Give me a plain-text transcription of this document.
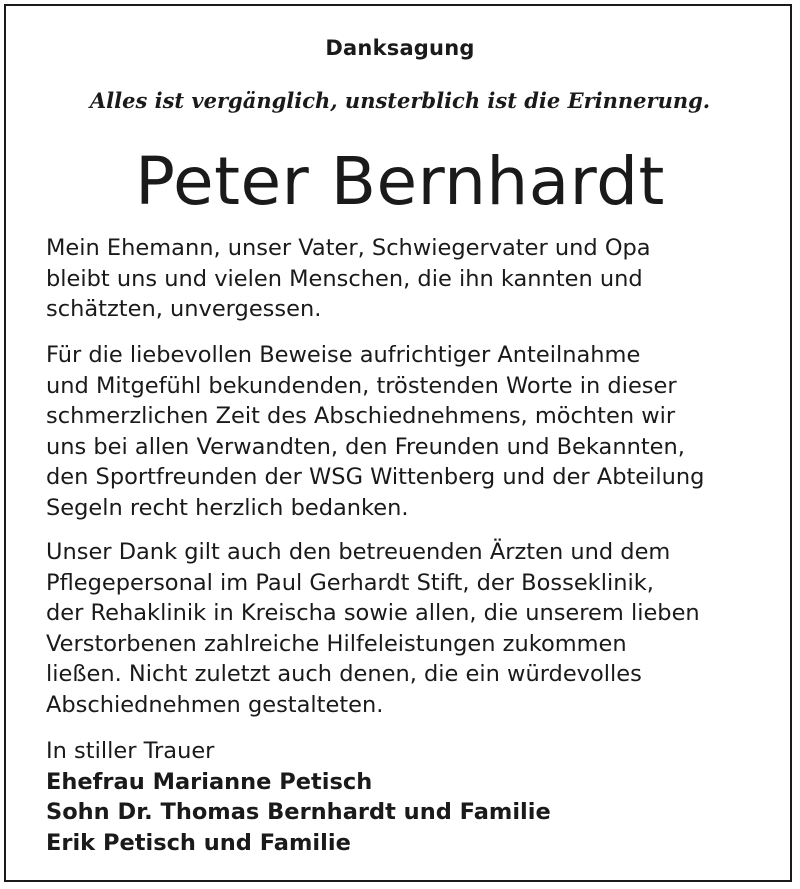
Danksagung
Alles ist vergänglich, unsterblich ist die Erinnerung.
Peter Bernhardt
Mein Ehemann, unser Vater, Schwiegervater und Opa
bleibt uns und vielen Menschen, die ihn kannten und
schätzten, unvergessen.
Für die liebevollen Beweise aufrichtiger Anteilnahme
und Mitgefühl bekundenden, tröstenden Worte in dieser
schmerzlichen Zeit des Abschiednehmens, möchten wir
uns bei allen Verwandten, den Freunden und Bekannten,
den Sportfreunden der WSG Wittenberg und der Abteilung
Segeln recht herzlich bedanken.
Unser Dank gilt auch den betreuenden Ärzten und dem
Pflegepersonal im Paul Gerhardt Stift, der Bosseklinik,
der Rehaklinik in Kreischa sowie allen, die unserem lieben
Verstorbenen zahlreiche Hilfeleistungen zukommen
ließen. Nicht zuletzt auch denen, die ein würdevolles
Abschiednehmen gestalteten.
In stiller Trauer
Ehefrau Marianne Petisch
Sohn Dr. Thomas Bernhardt und Familie
Erik Petisch und Familie
